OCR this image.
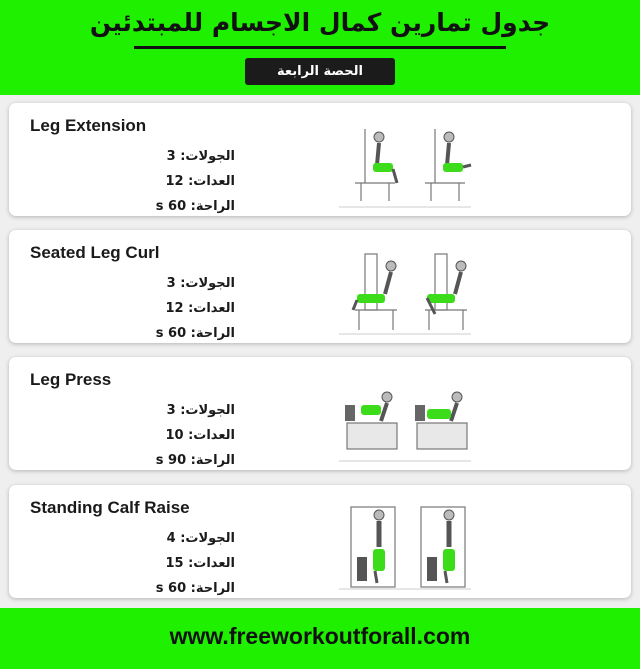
جدول تمارين كمال الاجسام للمبتدئين
الحصة الرابعة
Leg Extension
الجولات: 3
العدات: 12
الراحة: 60 s
Seated Leg Curl
الجولات: 3
العدات: 12
الراحة: 60 s
Leg Press
الجولات: 3
العدات: 10
الراحة: 90 s
Standing Calf Raise
الجولات: 4
العدات: 15
الراحة: 60 s
www.freeworkoutforall.com
